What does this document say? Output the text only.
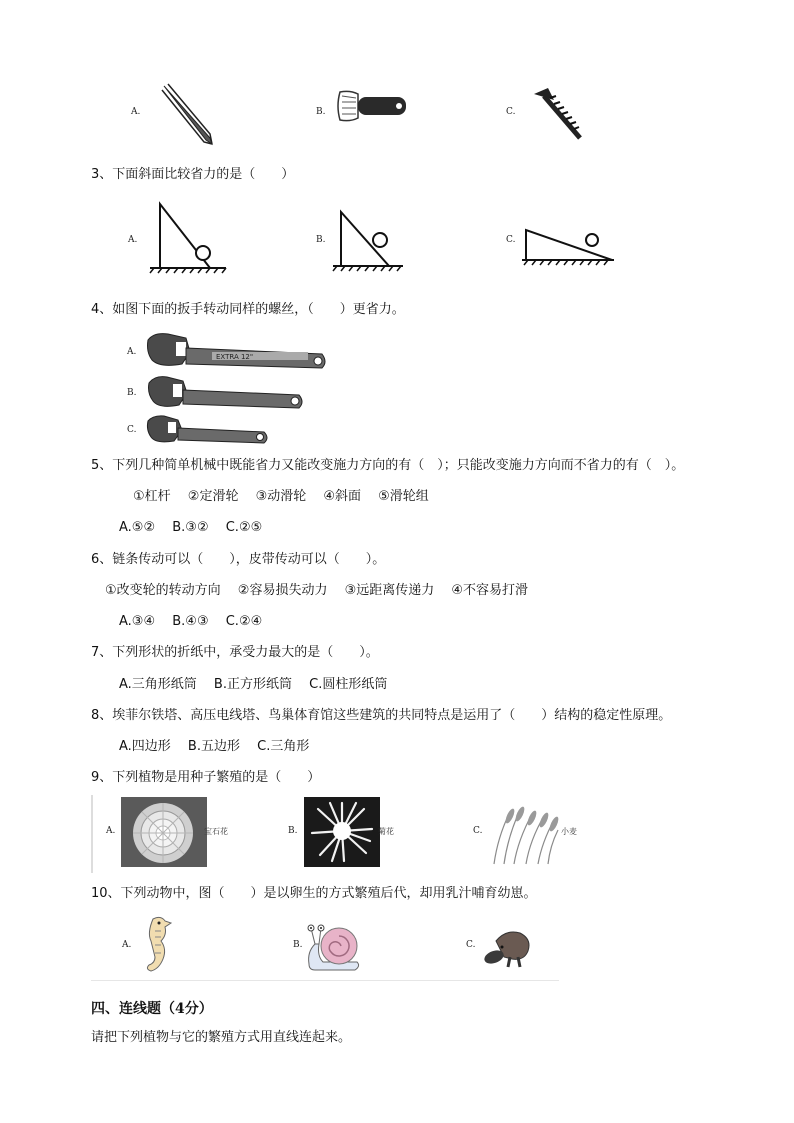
A.	B.	C.
3、下面斜面比较省力的是（　　）
A.	B.	C.
4、如图下面的扳手转动同样的螺丝，（　　）更省力。
A.	EXTRA 12"
B.
C.
5、下列几种简单机械中既能省力又能改变施力方向的有（　）；只能改变施力方向而不省力的有（　）。
①杠杆　 ②定滑轮　 ③动滑轮　 ④斜面　 ⑤滑轮组
A.⑤②　 B.③②　 C.②⑤
6、链条传动可以（　　），皮带传动可以（　　）。
①改变轮的转动方向　 ②容易损失动力　 ③远距离传递力　 ④不容易打滑
A.③④　 B.④③　 C.②④
7、下列形状的折纸中，承受力最大的是（　　）。
A.三角形纸筒　 B.正方形纸筒　 C.圆柱形纸筒
8、埃菲尔铁塔、高压电线塔、鸟巢体育馆这些建筑的共同特点是运用了（　　）结构的稳定性原理。
A.四边形　 B.五边形　 C.三角形
9、下列植物是用种子繁殖的是（　　）
A.	宝石花	B.	菊花	C.	小麦
10、下列动物中，图（　　）是以卵生的方式繁殖后代，却用乳汁哺育幼崽。
A.	B.	C.
四、连线题（4分）
请把下列植物与它的繁殖方式用直线连起来。
